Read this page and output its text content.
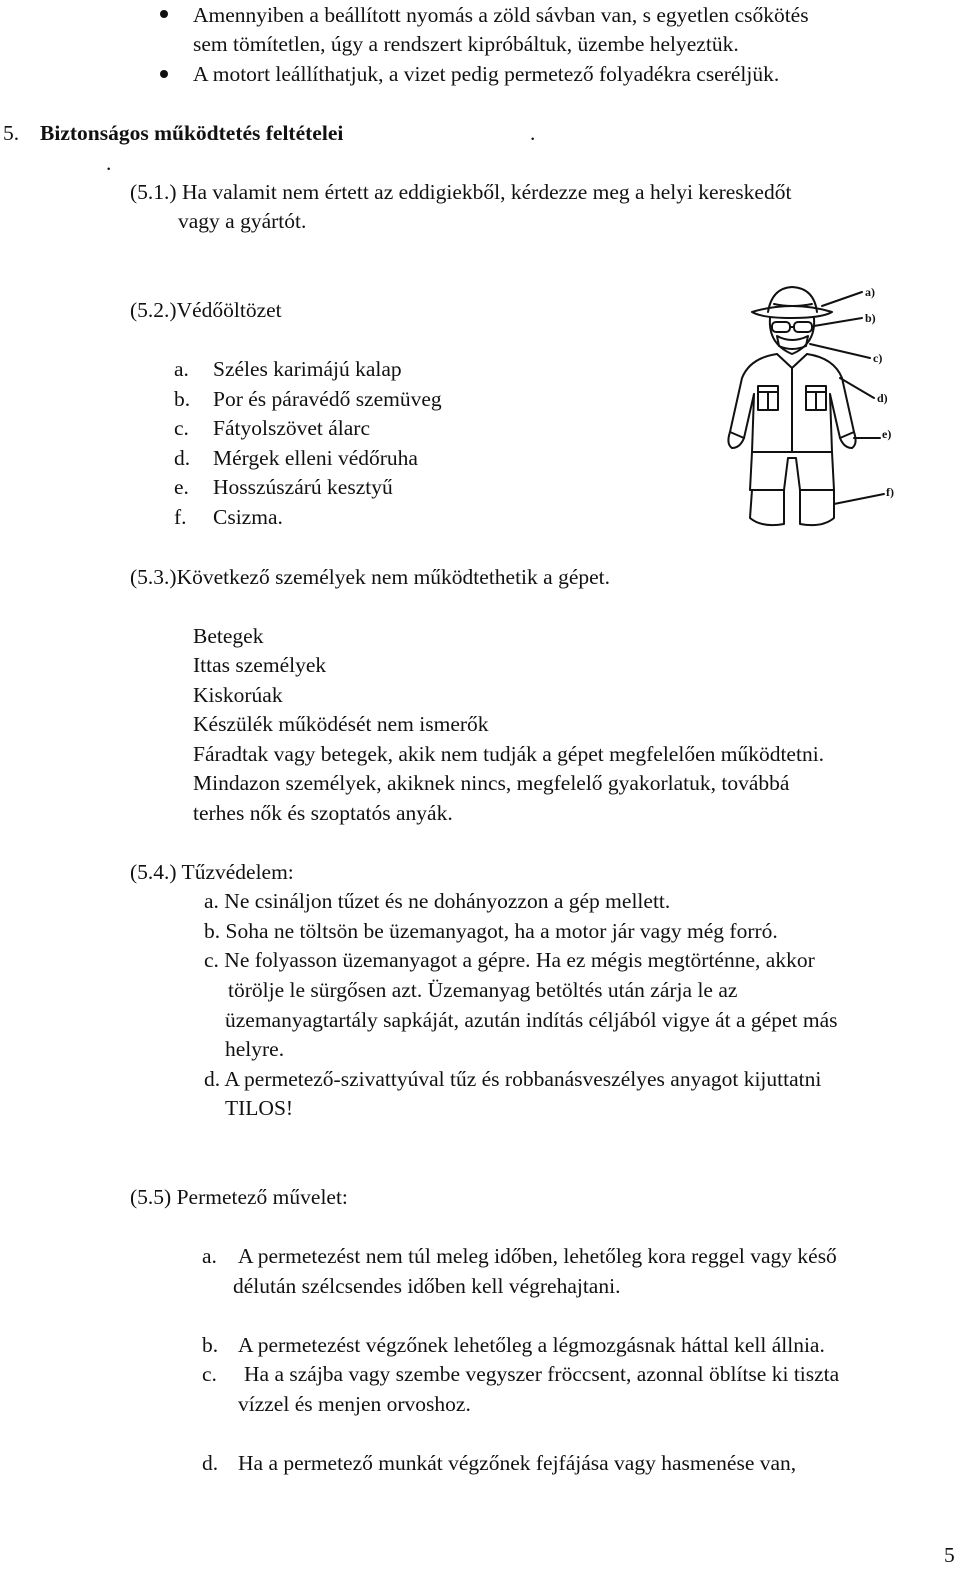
Amennyiben a beállított nyomás a zöld sávban van, s egyetlen csőkötés
sem tömítetlen, úgy a rendszert kipróbáltuk, üzembe helyeztük.
A motort leállíthatjuk, a vizet pedig permetező folyadékra cseréljük.
5. Biztonságos működtetés feltételei	.
.
(5.1.) Ha valamit nem értett az eddigiekből, kérdezze meg a helyi kereskedőt
vagy a gyártót.
(5.2.)Védőöltözet
a. Széles karimájú kalap
b. Por és páravédő szemüveg
c. Fátyolszövet álarc
d. Mérgek elleni védőruha
e. Hosszúszárú kesztyű
f. Csizma.
a)
b)
c)
d)
e)
f)
(5.3.)Következő személyek nem működtethetik a gépet.
Betegek
Ittas személyek
Kiskorúak
Készülék működését nem ismerők
Fáradtak vagy betegek, akik nem tudják a gépet megfelelően működtetni.
Mindazon személyek, akiknek nincs, megfelelő gyakorlatuk, továbbá
terhes nők és szoptatós anyák.
(5.4.) Tűzvédelem:
a. Ne csináljon tűzet és ne dohányozzon a gép mellett.
b. Soha ne töltsön be üzemanyagot, ha a motor jár vagy még forró.
c. Ne folyasson üzemanyagot a gépre. Ha ez mégis megtörténne, akkor
törölje le sürgősen azt. Üzemanyag betöltés után zárja le az
üzemanyagtartály sapkáját, azután indítás céljából vigye át a gépet más
helyre.
d. A permetező-szivattyúval tűz és robbanásveszélyes anyagot kijuttatni
TILOS!
(5.5) Permetező művelet:
a. A permetezést nem túl meleg időben, lehetőleg kora reggel vagy késő
délután szélcsendes időben kell végrehajtani.
b. A permetezést végzőnek lehetőleg a légmozgásnak háttal kell állnia.
c. Ha a szájba vagy szembe vegyszer fröccsent, azonnal öblítse ki tiszta
vízzel és menjen orvoshoz.
d. Ha a permetező munkát végzőnek fejfájása vagy hasmenése van,
5
